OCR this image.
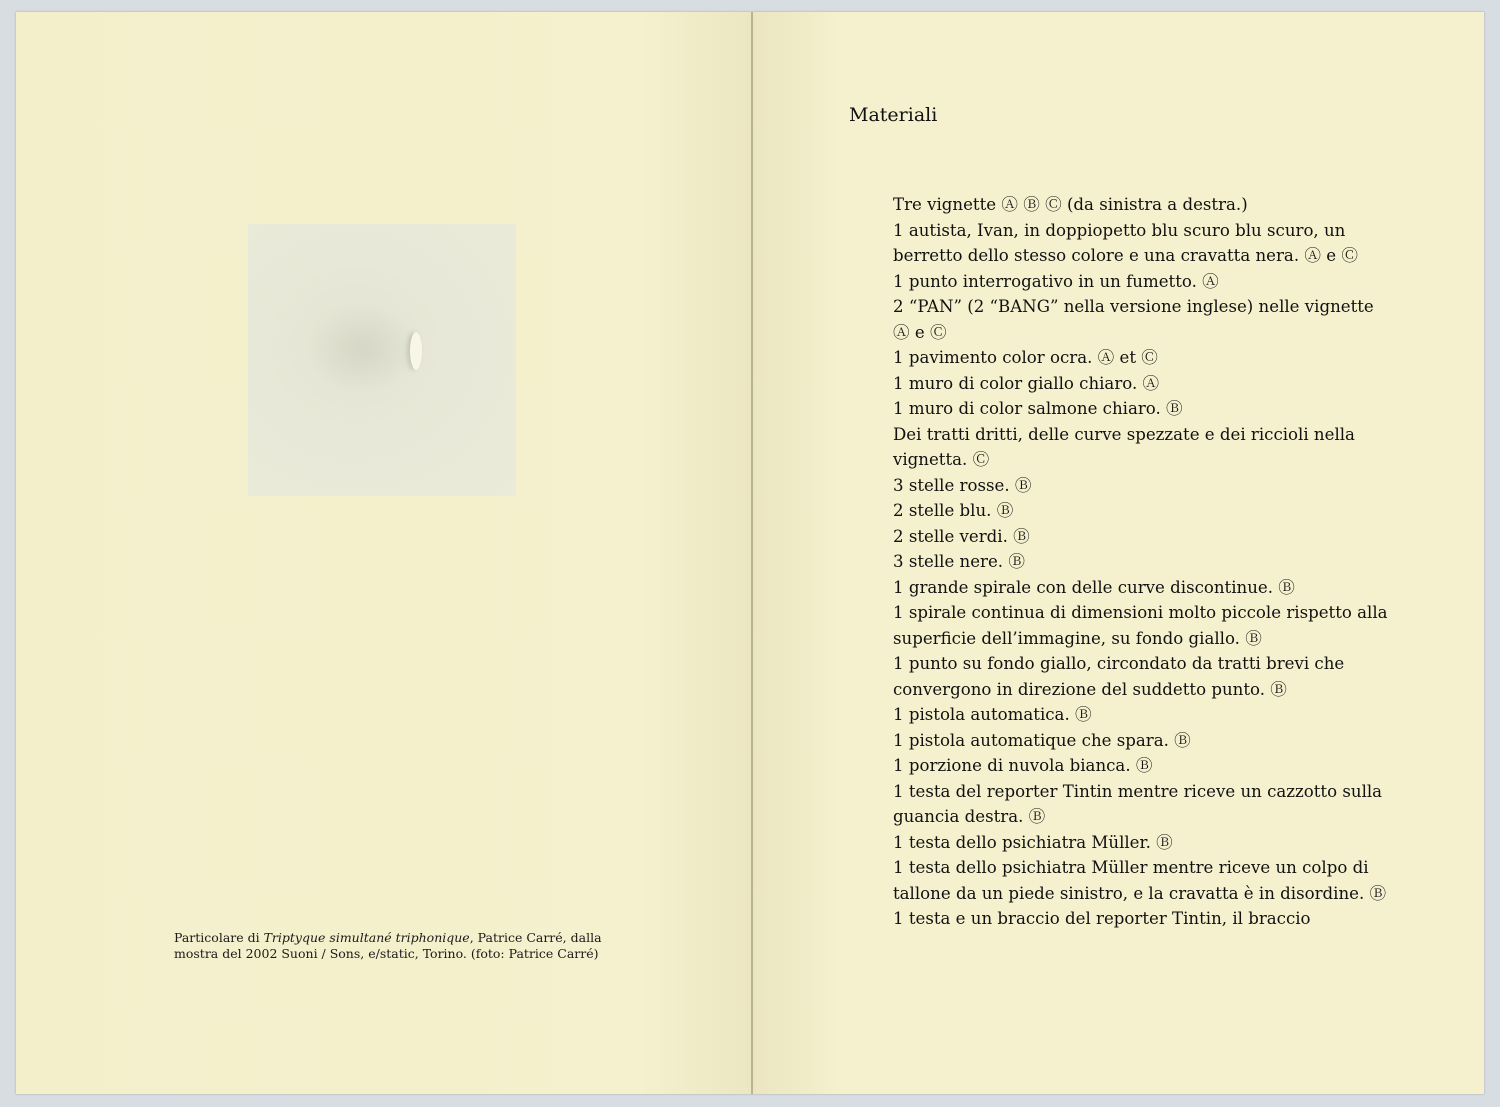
Particolare di Triptyque simultané triphonique, Patrice Carré, dalla mostra del 2002 Suoni / Sons, e/static, Torino. (foto: Patrice Carré)
Materiali
Tre vignette Ⓐ Ⓑ Ⓒ (da sinistra a destra.)
1 autista, Ivan, in doppiopetto blu scuro blu scuro, un berretto dello stesso colore e una cravatta nera. Ⓐ e Ⓒ
1 punto interrogativo in un fumetto. Ⓐ
2 “PAN” (2 “BANG” nella versione inglese) nelle vignette Ⓐ e Ⓒ
1 pavimento color ocra. Ⓐ et Ⓒ
1 muro di color giallo chiaro. Ⓐ
1 muro di color salmone chiaro. Ⓑ
Dei tratti dritti, delle curve spezzate e dei riccioli nella vignetta. Ⓒ
3 stelle rosse. Ⓑ
2 stelle blu. Ⓑ
2 stelle verdi. Ⓑ
3 stelle nere. Ⓑ
1 grande spirale con delle curve discontinue. Ⓑ
1 spirale continua di dimensioni molto piccole rispetto alla superficie dell’immagine, su fondo giallo. Ⓑ
1 punto su fondo giallo, circondato da tratti brevi che convergono in direzione del suddetto punto. Ⓑ
1 pistola automatica. Ⓑ
1 pistola automatique che spara. Ⓑ
1 porzione di nuvola bianca. Ⓑ
1 testa del reporter Tintin mentre riceve un cazzotto sulla guancia destra. Ⓑ
1 testa dello psichiatra Müller. Ⓑ
1 testa dello psichiatra Müller mentre riceve un colpo di tallone da un piede sinistro, e la cravatta è in disordine. Ⓑ
1 testa e un braccio del reporter Tintin, il braccio
